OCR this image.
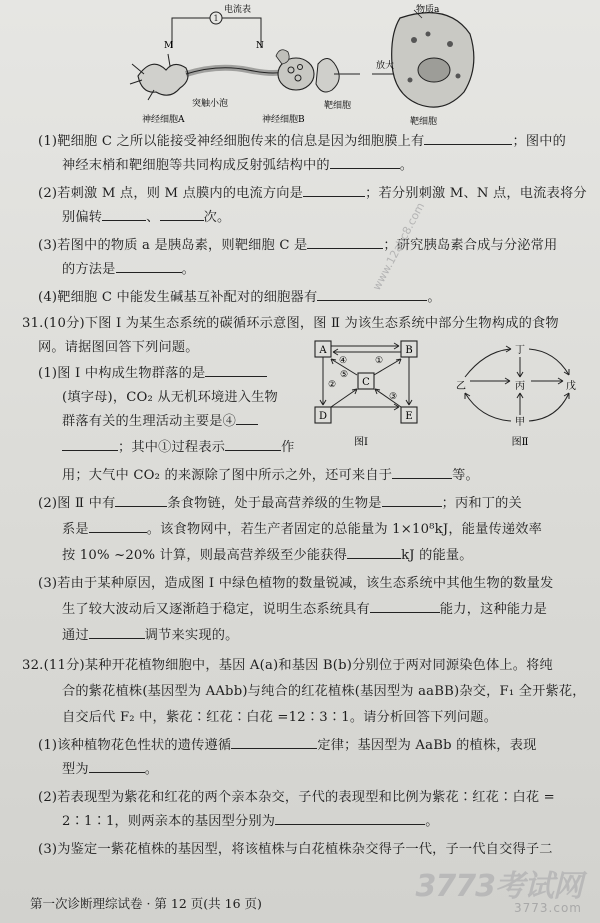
1
电流表
M	N
物质a
放大
突触小泡
神经细胞A	神经细胞B
靶细胞
靶细胞
(1)靶细胞 C 之所以能接受神经细胞传来的信息是因为细胞膜上有	；图中的
神经末梢和靶细胞等共同构成反射弧结构中的	。
(2)若刺激 M 点，则 M 点膜内的电流方向是	；若分别刺激 M、N 点，电流表将分
别偏转	、	次。
(3)若图中的物质 a 是胰岛素，则靶细胞 C 是	；研究胰岛素合成与分泌常用
的方法是	。
(4)靶细胞 C 中能发生碱基互补配对的细胞器有	。
31.(10分)下图 Ⅰ 为某生态系统的碳循环示意图，图 Ⅱ 为该生态系统中部分生物构成的食物
网。请据图回答下列问题。
(1)图 Ⅰ 中构成生物群落的是
(填字母)，CO₂ 从无机环境进入生物
群落有关的生理活动主要是④
；其中①过程表示	作
用；大气中 CO₂ 的来源除了图中所示之外，还可来自于	等。
A	B
C
D	E
④	①
②
⑤
③
图Ⅰ
丁
乙	丙	戊
甲
图Ⅱ
(2)图 Ⅱ 中有	条食物链，处于最高营养级的生物是	；丙和丁的关
系是	。该食物网中，若生产者固定的总能量为 1×10⁸kJ，能量传递效率
按 10% ~20% 计算，则最高营养级至少能获得	kJ 的能量。
(3)若由于某种原因，造成图 Ⅰ 中绿色植物的数量锐减，该生态系统中其他生物的数量发
生了较大波动后又逐渐趋于稳定，说明生态系统具有	能力，这种能力是
通过	调节来实现的。
32.(11分)某种开花植物细胞中，基因 A(a)和基因 B(b)分别位于两对同源染色体上。将纯
合的紫花植株(基因型为 AAbb)与纯合的红花植株(基因型为 aaBB)杂交，F₁ 全开紫花，
自交后代 F₂ 中，紫花∶红花∶白花 =12∶3∶1。请分析回答下列问题。
(1)该种植物花色性状的遗传遵循	定律；基因型为 AaBb 的植株，表现
型为	。
(2)若表现型为紫花和红花的两个亲本杂交，子代的表现型和比例为紫花∶红花∶白花 =
2∶1∶1，则两亲本的基因型分别为	。
(3)为鉴定一紫花植株的基因型，将该植株与白花植株杂交得子一代，子一代自交得子二
第一次诊断理综试卷 · 第 12 页(共 16 页)
www.12abc8.com
3773考试网
3773.com
